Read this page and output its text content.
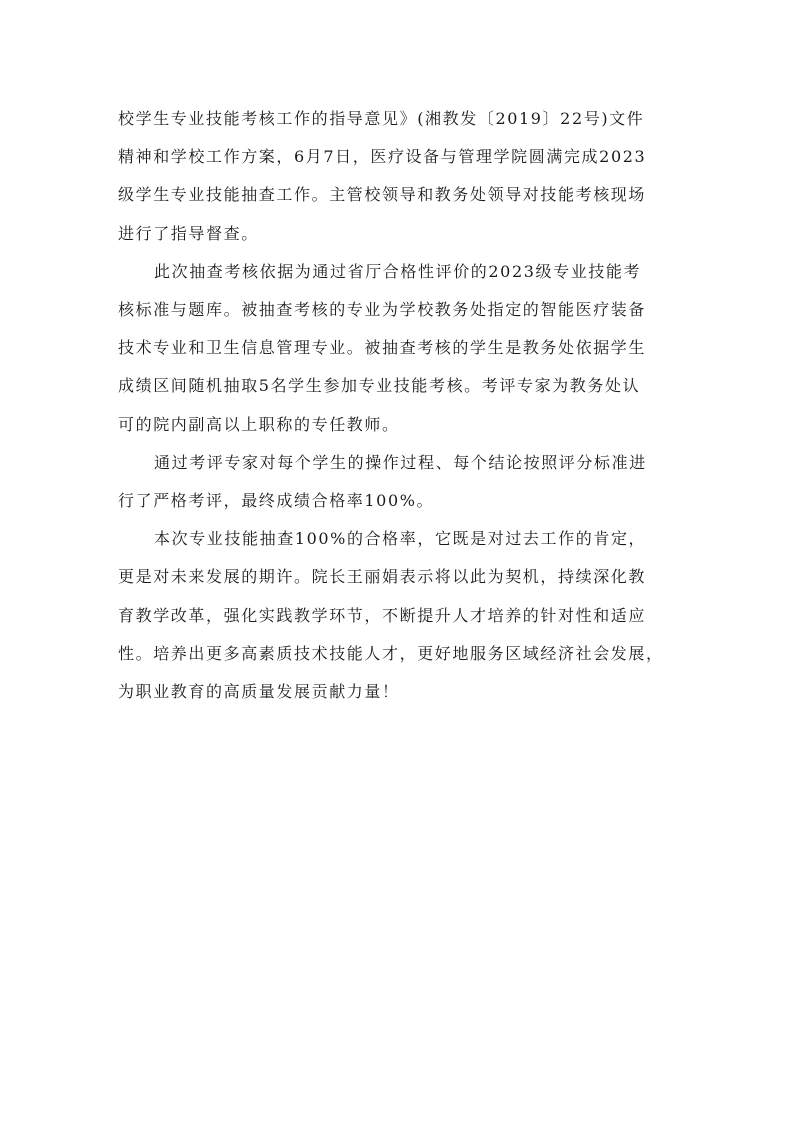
校学生专业技能考核工作的指导意见》(湘教发〔2019〕22号)文件
精神和学校工作方案，6月7日，医疗设备与管理学院圆满完成2023
级学生专业技能抽查工作。主管校领导和教务处领导对技能考核现场
进行了指导督查。

此次抽查考核依据为通过省厅合格性评价的2023级专业技能考
核标准与题库。被抽查考核的专业为学校教务处指定的智能医疗装备
技术专业和卫生信息管理专业。被抽查考核的学生是教务处依据学生
成绩区间随机抽取5名学生参加专业技能考核。考评专家为教务处认
可的院内副高以上职称的专任教师。

通过考评专家对每个学生的操作过程、每个结论按照评分标准进
行了严格考评，最终成绩合格率100%。

本次专业技能抽查100%的合格率，它既是对过去工作的肯定，
更是对未来发展的期许。院长王丽娟表示将以此为契机，持续深化教
育教学改革，强化实践教学环节，不断提升人才培养的针对性和适应
性。培养出更多高素质技术技能人才，更好地服务区域经济社会发展，
为职业教育的高质量发展贡献力量！
